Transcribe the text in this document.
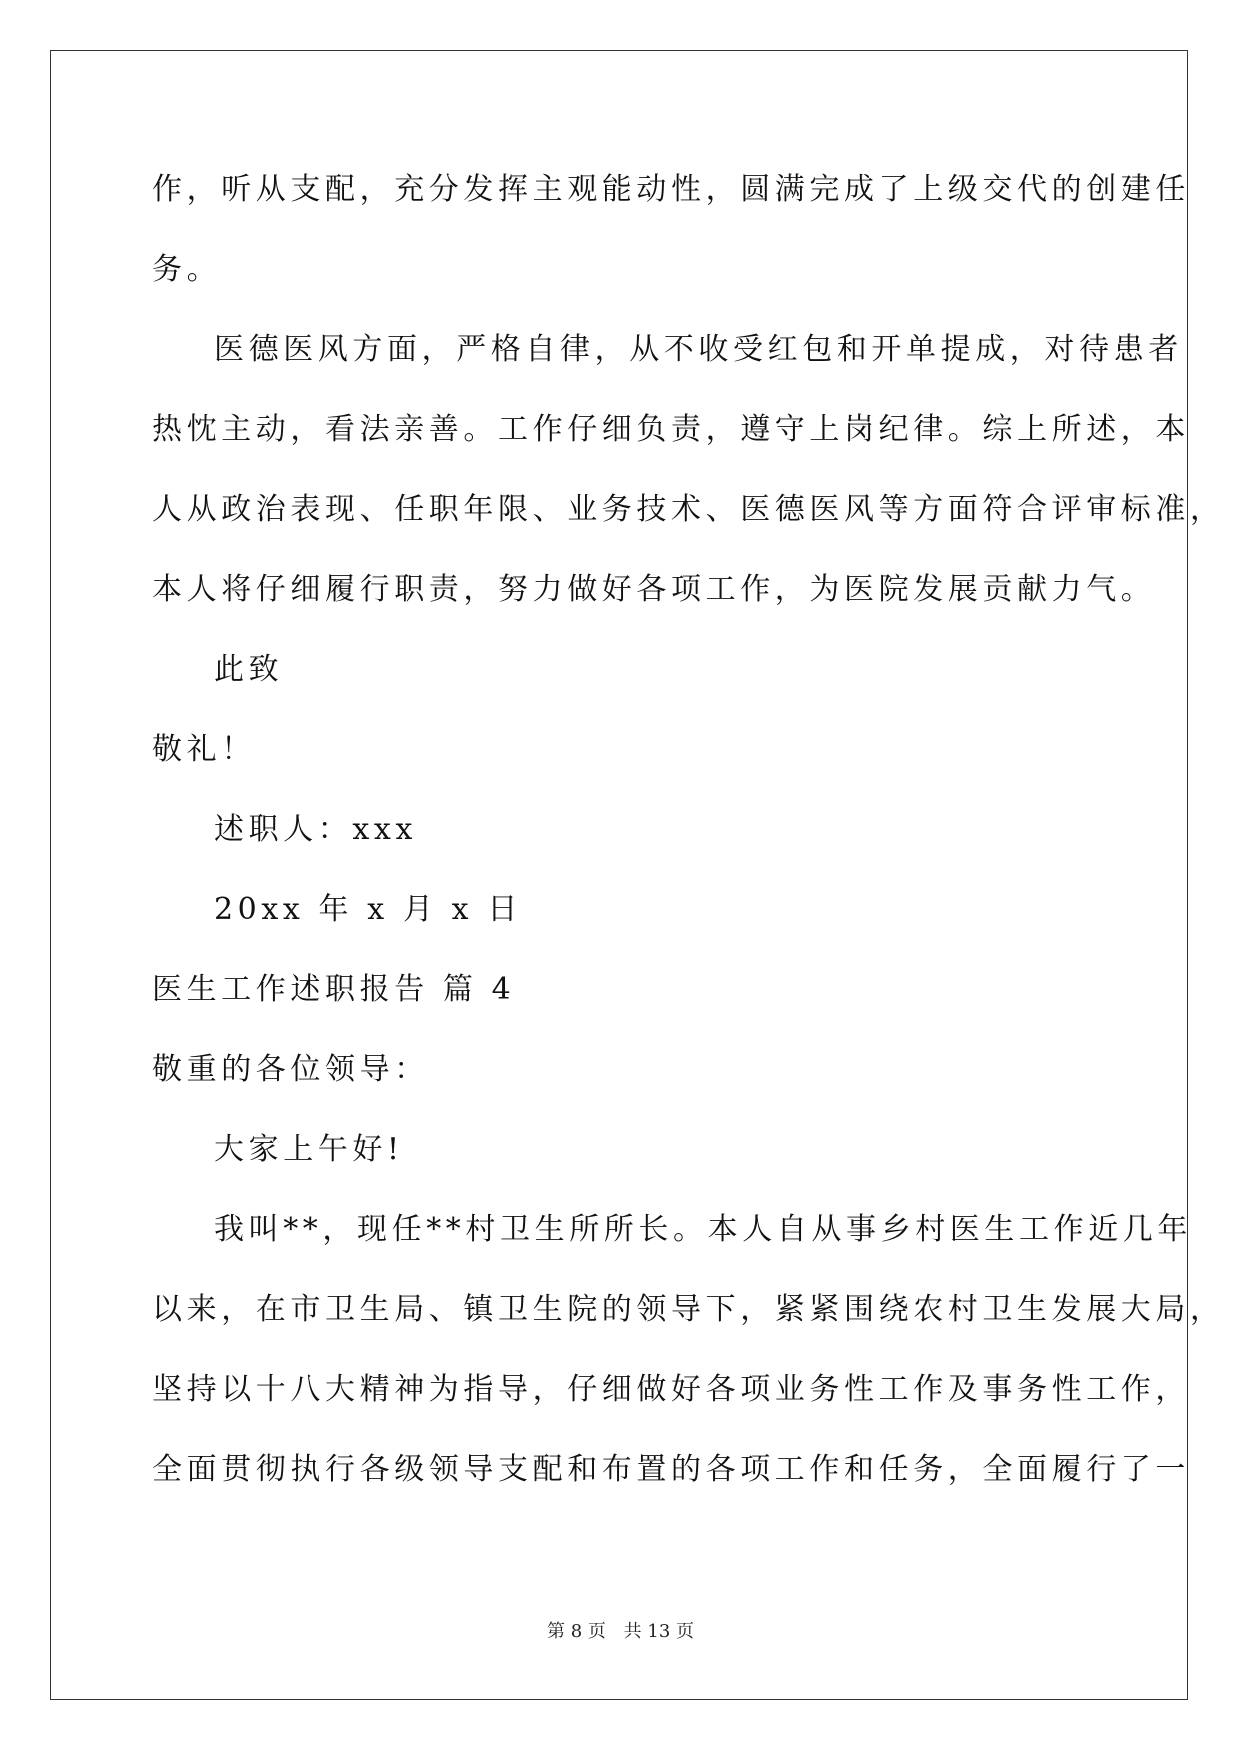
作，听从支配，充分发挥主观能动性，圆满完成了上级交代的创建任
务。
医德医风方面，严格自律，从不收受红包和开单提成，对待患者
热忱主动，看法亲善。工作仔细负责，遵守上岗纪律。综上所述，本
人从政治表现、任职年限、业务技术、医德医风等方面符合评审标准，
本人将仔细履行职责，努力做好各项工作，为医院发展贡献力气。
此致
敬礼！
述职人：xxx
20xx 年 x 月 x 日
医生工作述职报告 篇 4
敬重的各位领导：
大家上午好!
我叫**，现任**村卫生所所长。本人自从事乡村医生工作近几年
以来，在市卫生局、镇卫生院的领导下，紧紧围绕农村卫生发展大局，
坚持以十八大精神为指导，仔细做好各项业务性工作及事务性工作，
全面贯彻执行各级领导支配和布置的各项工作和任务，全面履行了一
第 8 页 共 13 页
